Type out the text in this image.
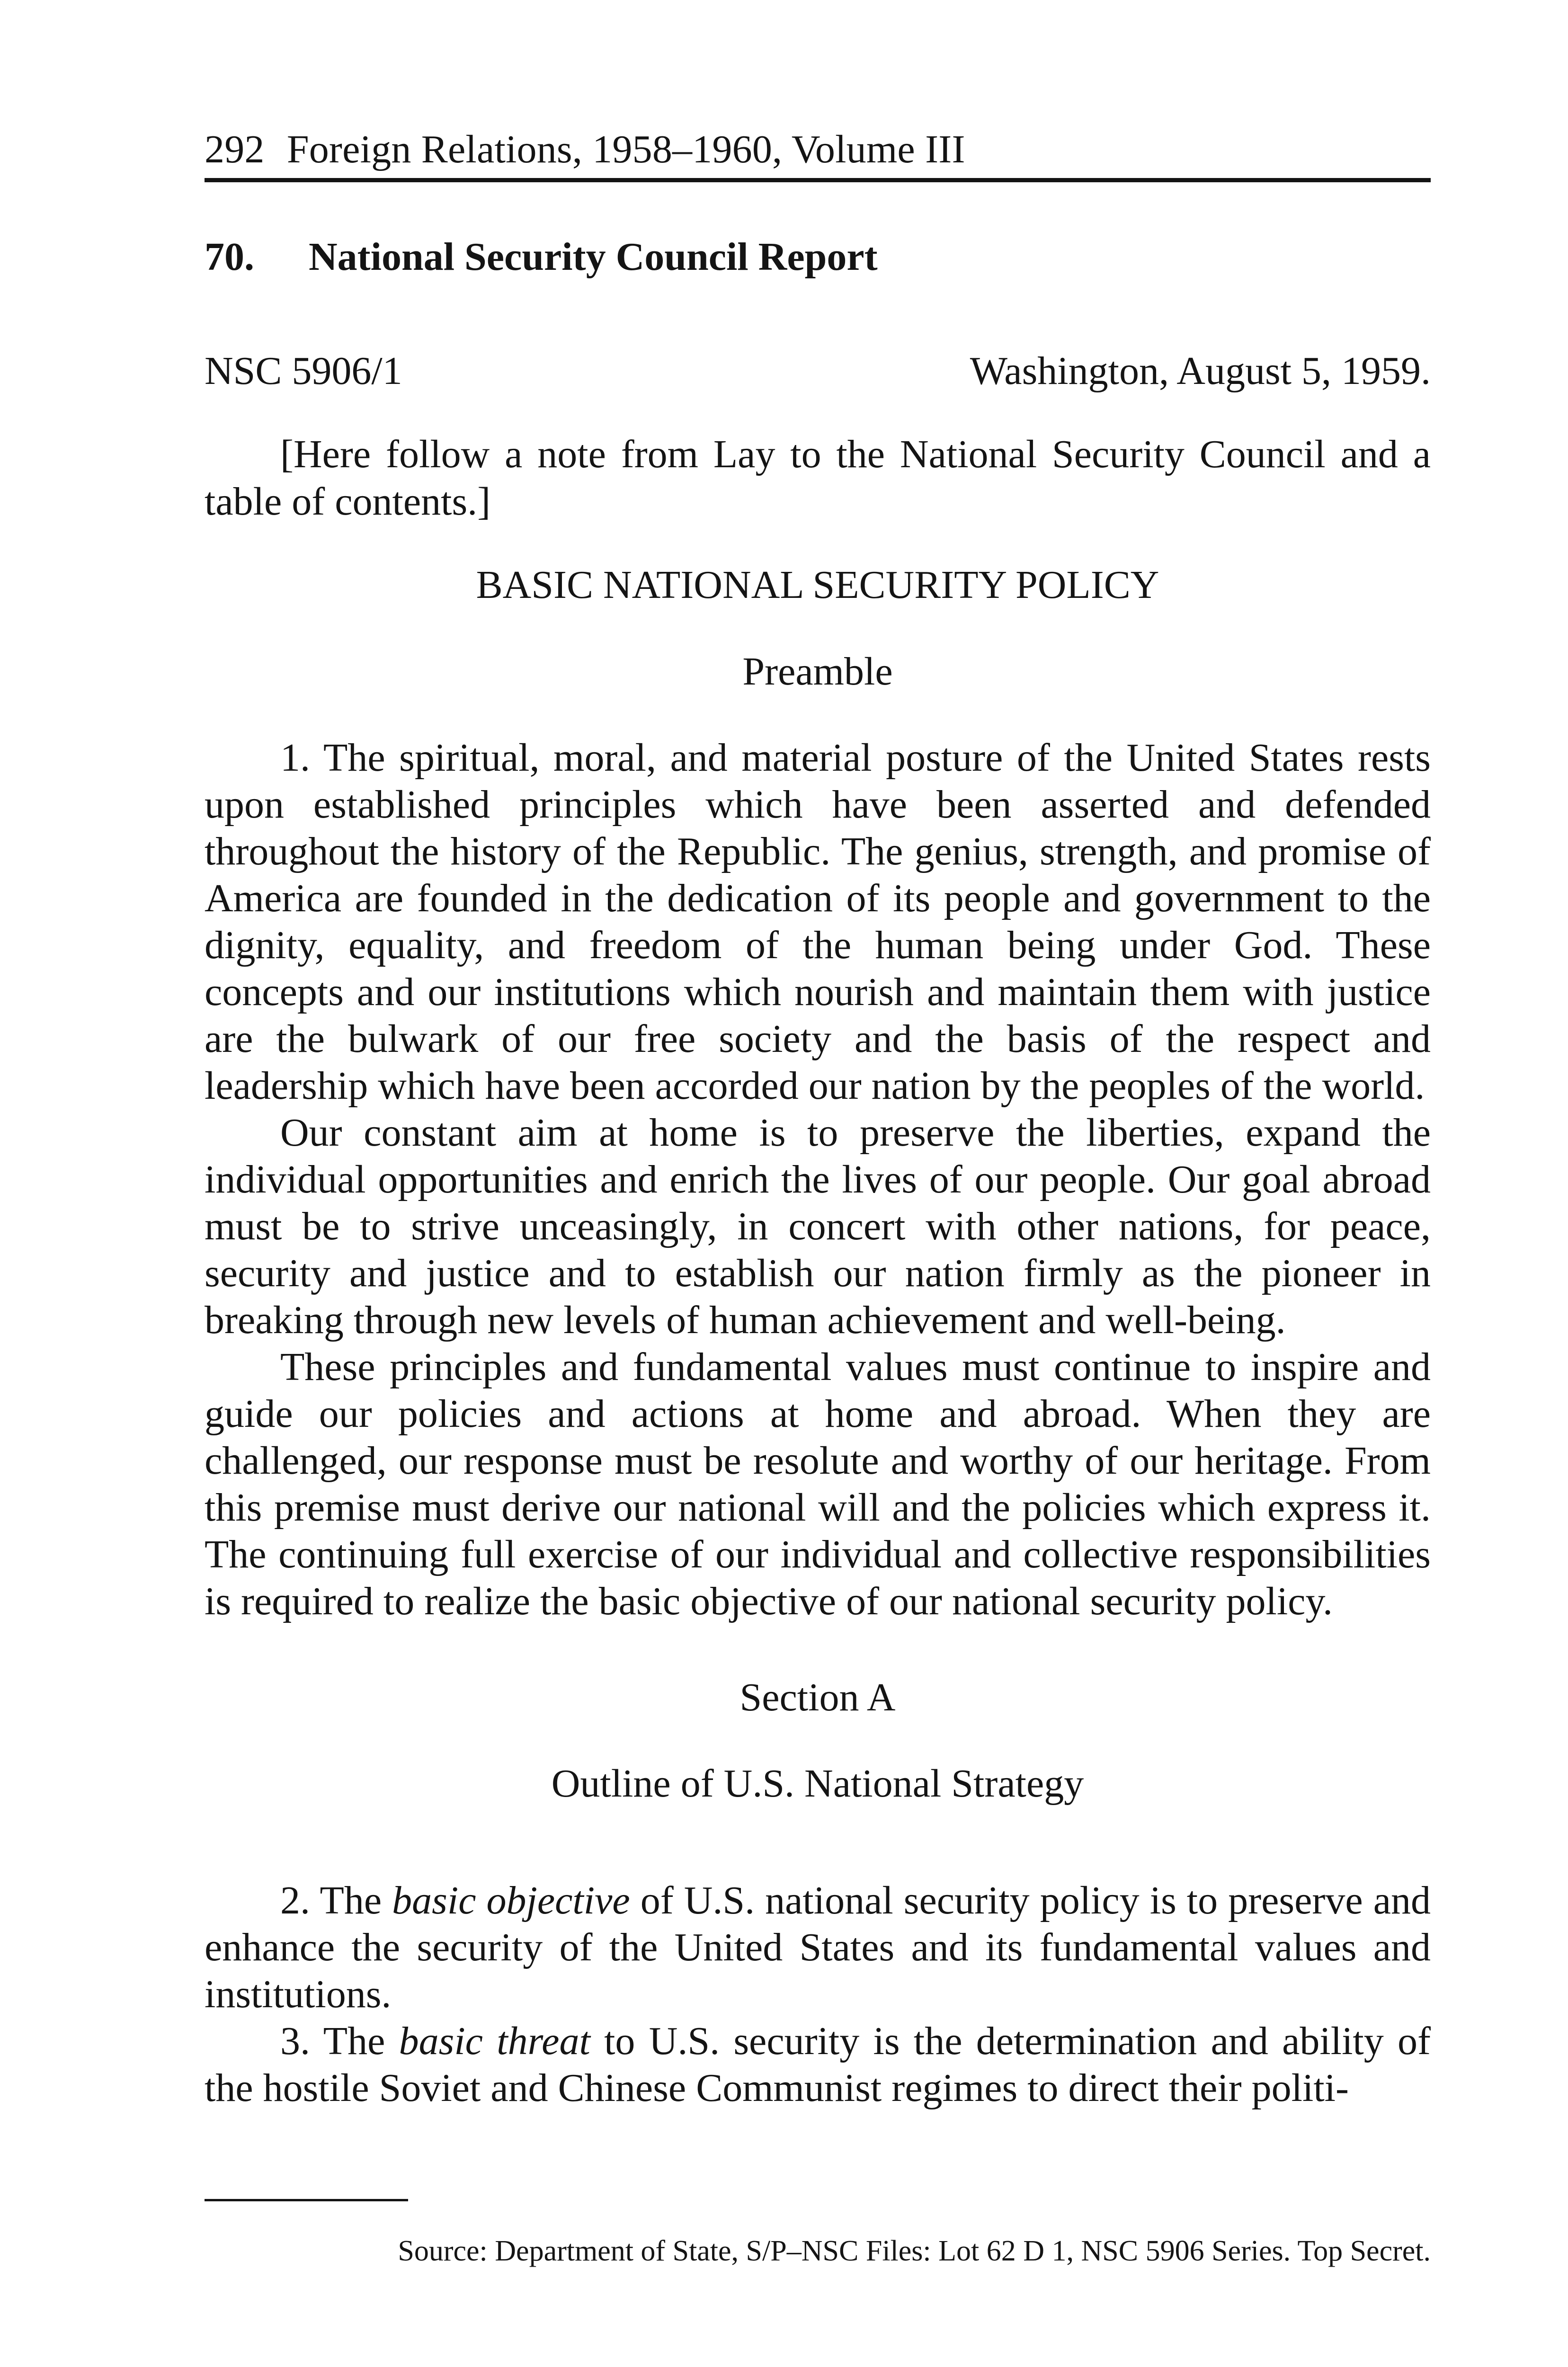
292 Foreign Relations, 1958–1960, Volume III
70. National Security Council Report
NSC 5906/1	Washington, August 5, 1959.
[Here follow a note from Lay to the National Security Council and a table of contents.]
BASIC NATIONAL SECURITY POLICY
Preamble

1. The spiritual, moral, and material posture of the United States rests upon established principles which have been asserted and defended throughout the history of the Republic. The genius, strength, and promise of America are founded in the dedication of its people and government to the dignity, equality, and freedom of the human being under God. These concepts and our institutions which nourish and maintain them with justice are the bulwark of our free society and the basis of the respect and leadership which have been accorded our nation by the peoples of the world.

Our constant aim at home is to preserve the liberties, expand the individual opportunities and enrich the lives of our people. Our goal abroad must be to strive unceasingly, in concert with other nations, for peace, security and justice and to establish our nation firmly as the pioneer in breaking through new levels of human achievement and well-being.

These principles and fundamental values must continue to inspire and guide our policies and actions at home and abroad. When they are challenged, our response must be resolute and worthy of our heritage. From this premise must derive our national will and the policies which express it. The continuing full exercise of our individual and collective responsibilities is required to realize the basic objective of our national security policy.

Section A
Outline of U.S. National Strategy

2. The basic objective of U.S. national security policy is to preserve and enhance the security of the United States and its fundamental values and institutions.

3. The basic threat to U.S. security is the determination and ability of the hostile Soviet and Chinese Communist regimes to direct their politi-

Source: Department of State, S/P–NSC Files: Lot 62 D 1, NSC 5906 Series. Top Secret.
